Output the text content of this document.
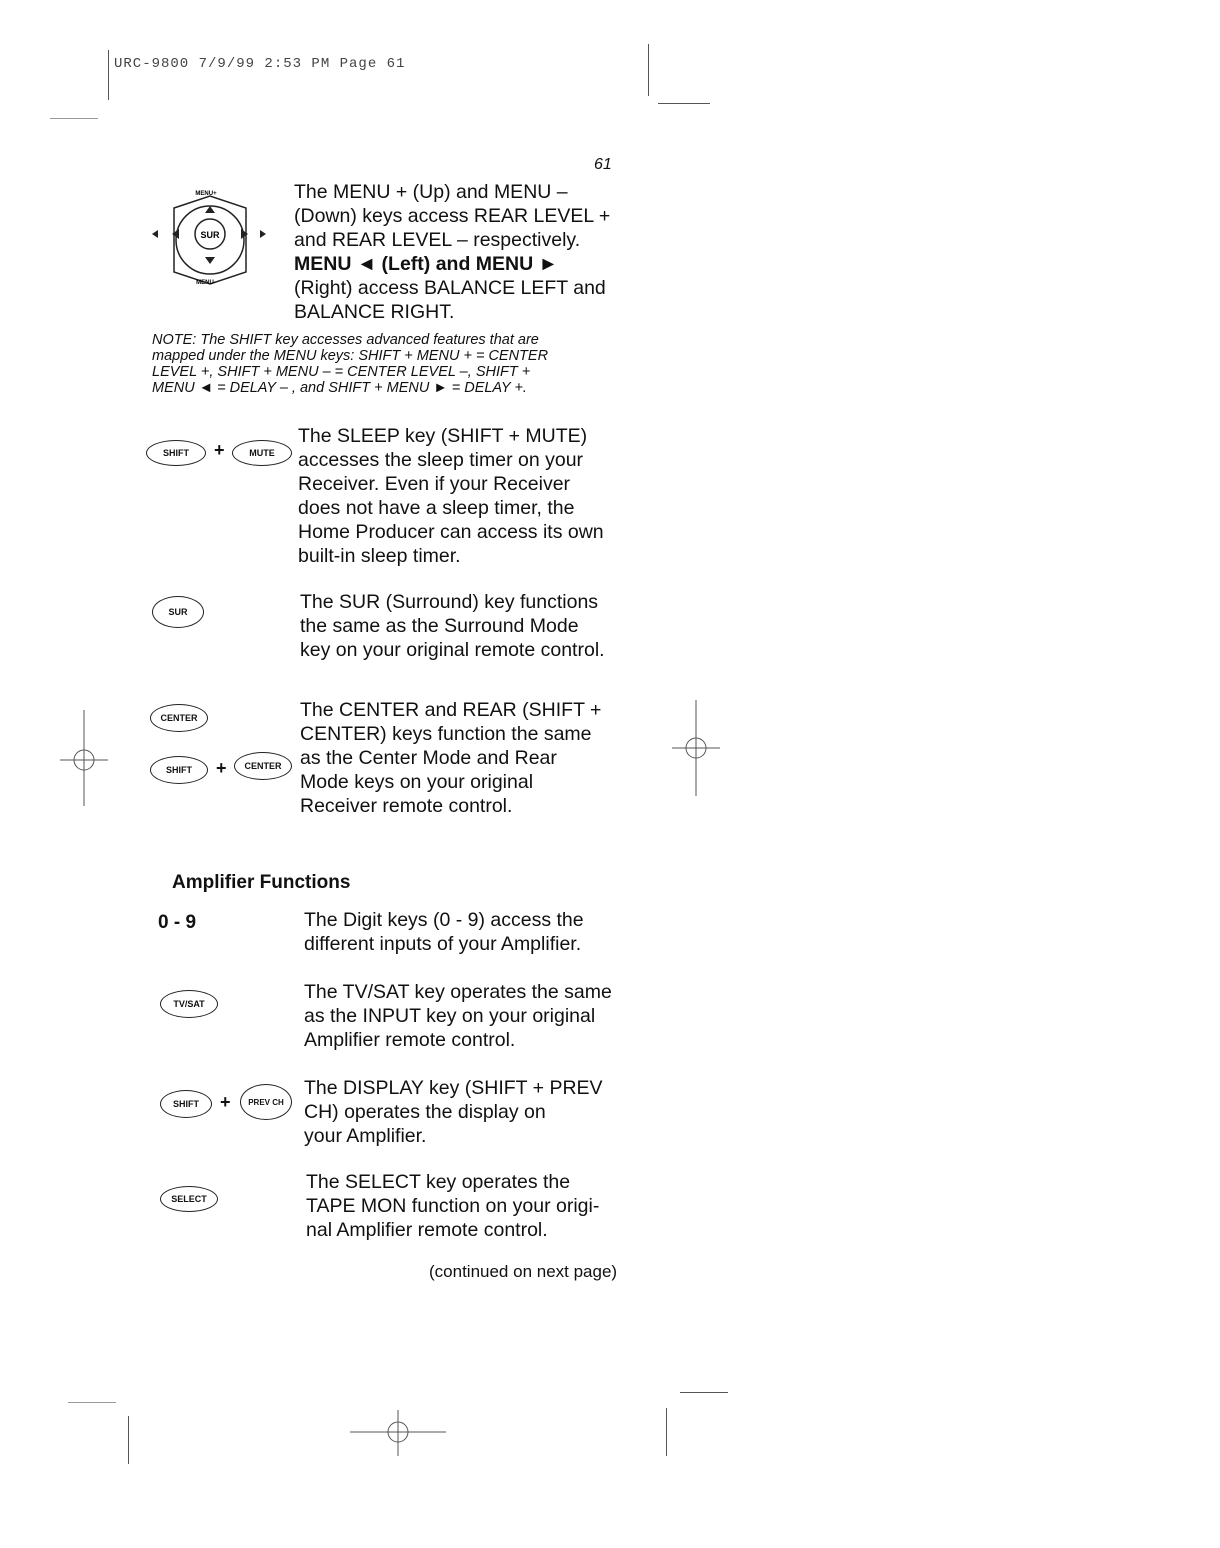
URC-9800 7/9/99 2:53 PM Page 61
61
SUR
MENU+
MENU-
The MENU + (Up) and MENU –
(Down) keys access REAR LEVEL +
and REAR LEVEL – respectively.
MENU ◄ (Left) and MENU ►
(Right) access BALANCE LEFT and
BALANCE RIGHT.
NOTE: The SHIFT key accesses advanced features that are
mapped under the MENU keys: SHIFT + MENU + = CENTER
LEVEL +, SHIFT + MENU – = CENTER LEVEL –, SHIFT +
MENU ◄ = DELAY – , and SHIFT + MENU ► = DELAY +.
SHIFT	+	MUTE
The SLEEP key (SHIFT + MUTE)
accesses the sleep timer on your
Receiver. Even if your Receiver
does not have a sleep timer, the
Home Producer can access its own
built-in sleep timer.
SUR	The SUR (Surround) key functions
the same as the Surround Mode
key on your original remote control.
CENTER
SHIFT	+	CENTER
The CENTER and REAR (SHIFT +
CENTER) keys function the same
as the Center Mode and Rear
Mode keys on your original
Receiver remote control.
Amplifier Functions
0 - 9	The Digit keys (0 - 9) access the
different inputs of your Amplifier.
TV/SAT
The TV/SAT key operates the same
as the INPUT key on your original
Amplifier remote control.
SHIFT	+	PREV CH
The DISPLAY key (SHIFT + PREV
CH) operates the display on
your Amplifier.
SELECT
The SELECT key operates the
TAPE MON function on your origi-
nal Amplifier remote control.
(continued on next page)
